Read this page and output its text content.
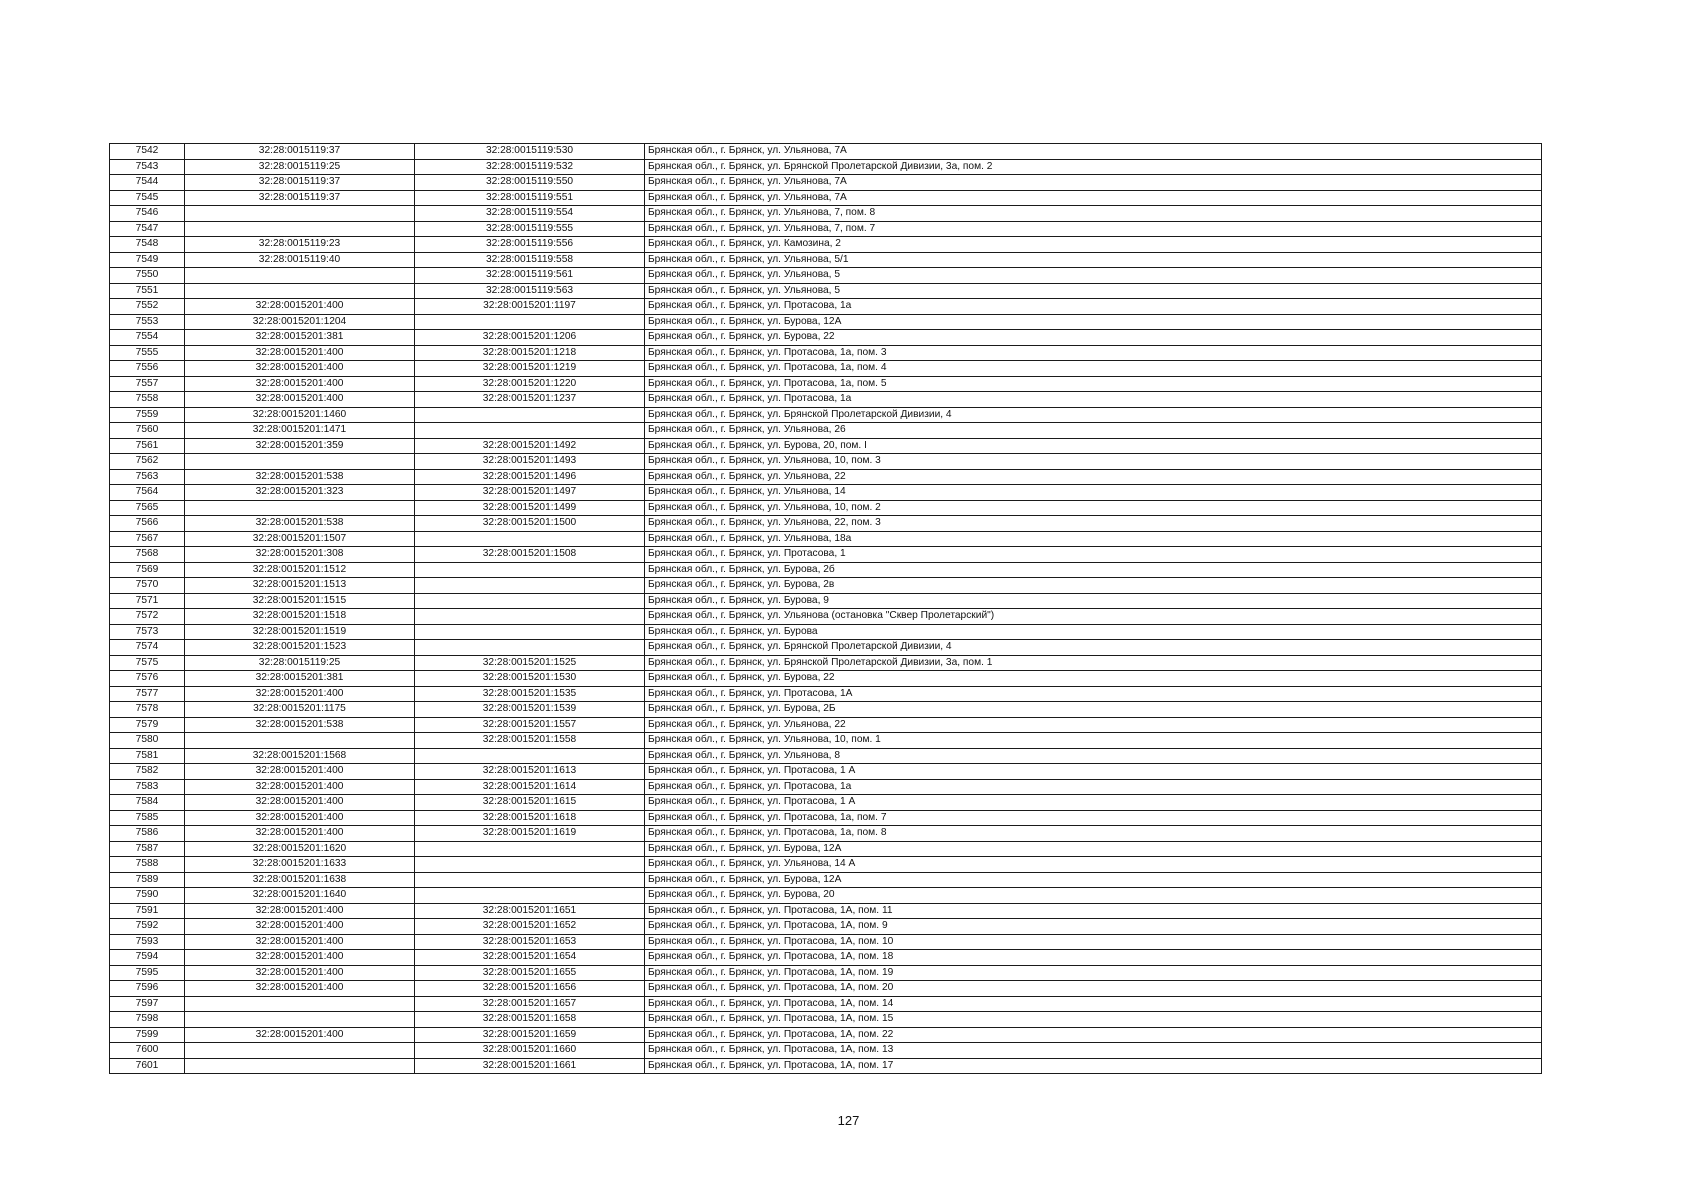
7542	32:28:0015119:37	32:28:0015119:530	Брянская обл., г. Брянск, ул. Ульянова, 7А
7543	32:28:0015119:25	32:28:0015119:532	Брянская обл., г. Брянск, ул. Брянской Пролетарской Дивизии, 3а, пом. 2
7544	32:28:0015119:37	32:28:0015119:550	Брянская обл., г. Брянск, ул. Ульянова, 7А
7545	32:28:0015119:37	32:28:0015119:551	Брянская обл., г. Брянск, ул. Ульянова, 7А
7546		32:28:0015119:554	Брянская обл., г. Брянск, ул. Ульянова, 7, пом. 8
7547		32:28:0015119:555	Брянская обл., г. Брянск, ул. Ульянова, 7, пом. 7
7548	32:28:0015119:23	32:28:0015119:556	Брянская обл., г. Брянск, ул. Камозина, 2
7549	32:28:0015119:40	32:28:0015119:558	Брянская обл., г. Брянск, ул. Ульянова, 5/1
7550		32:28:0015119:561	Брянская обл., г. Брянск, ул. Ульянова, 5
7551		32:28:0015119:563	Брянская обл., г. Брянск, ул. Ульянова, 5
7552	32:28:0015201:400	32:28:0015201:1197	Брянская обл., г. Брянск, ул. Протасова, 1а
7553	32:28:0015201:1204		Брянская обл., г. Брянск, ул. Бурова, 12А
7554	32:28:0015201:381	32:28:0015201:1206	Брянская обл., г. Брянск, ул. Бурова, 22
7555	32:28:0015201:400	32:28:0015201:1218	Брянская обл., г. Брянск, ул. Протасова, 1а, пом. 3
7556	32:28:0015201:400	32:28:0015201:1219	Брянская обл., г. Брянск, ул. Протасова, 1а, пом. 4
7557	32:28:0015201:400	32:28:0015201:1220	Брянская обл., г. Брянск, ул. Протасова, 1а, пом. 5
7558	32:28:0015201:400	32:28:0015201:1237	Брянская обл., г. Брянск, ул. Протасова, 1а
7559	32:28:0015201:1460		Брянская обл., г. Брянск, ул. Брянской Пролетарской Дивизии, 4
7560	32:28:0015201:1471		Брянская обл., г. Брянск, ул. Ульянова, 26
7561	32:28:0015201:359	32:28:0015201:1492	Брянская обл., г. Брянск, ул. Бурова, 20, пом. I
7562		32:28:0015201:1493	Брянская обл., г. Брянск, ул. Ульянова, 10, пом. 3
7563	32:28:0015201:538	32:28:0015201:1496	Брянская обл., г. Брянск, ул. Ульянова, 22
7564	32:28:0015201:323	32:28:0015201:1497	Брянская обл., г. Брянск, ул. Ульянова, 14
7565		32:28:0015201:1499	Брянская обл., г. Брянск, ул. Ульянова, 10, пом. 2
7566	32:28:0015201:538	32:28:0015201:1500	Брянская обл., г. Брянск, ул. Ульянова, 22, пом. 3
7567	32:28:0015201:1507		Брянская обл., г. Брянск, ул. Ульянова, 18а
7568	32:28:0015201:308	32:28:0015201:1508	Брянская обл., г. Брянск, ул. Протасова, 1
7569	32:28:0015201:1512		Брянская обл., г. Брянск, ул. Бурова, 2б
7570	32:28:0015201:1513		Брянская обл., г. Брянск, ул. Бурова, 2в
7571	32:28:0015201:1515		Брянская обл., г. Брянск, ул. Бурова, 9
7572	32:28:0015201:1518		Брянская обл., г. Брянск, ул. Ульянова (остановка "Сквер Пролетарский")
7573	32:28:0015201:1519		Брянская обл., г. Брянск, ул. Бурова
7574	32:28:0015201:1523		Брянская обл., г. Брянск, ул. Брянской Пролетарской Дивизии, 4
7575	32:28:0015119:25	32:28:0015201:1525	Брянская обл., г. Брянск, ул. Брянской Пролетарской Дивизии, 3а, пом. 1
7576	32:28:0015201:381	32:28:0015201:1530	Брянская обл., г. Брянск, ул. Бурова, 22
7577	32:28:0015201:400	32:28:0015201:1535	Брянская обл., г. Брянск, ул. Протасова, 1А
7578	32:28:0015201:1175	32:28:0015201:1539	Брянская обл., г. Брянск, ул. Бурова, 2Б
7579	32:28:0015201:538	32:28:0015201:1557	Брянская обл., г. Брянск, ул. Ульянова, 22
7580		32:28:0015201:1558	Брянская обл., г. Брянск, ул. Ульянова, 10, пом. 1
7581	32:28:0015201:1568		Брянская обл., г. Брянск, ул. Ульянова, 8
7582	32:28:0015201:400	32:28:0015201:1613	Брянская обл., г. Брянск, ул. Протасова, 1 А
7583	32:28:0015201:400	32:28:0015201:1614	Брянская обл., г. Брянск, ул. Протасова, 1а
7584	32:28:0015201:400	32:28:0015201:1615	Брянская обл., г. Брянск, ул. Протасова, 1 А
7585	32:28:0015201:400	32:28:0015201:1618	Брянская обл., г. Брянск, ул. Протасова, 1а, пом. 7
7586	32:28:0015201:400	32:28:0015201:1619	Брянская обл., г. Брянск, ул. Протасова, 1а, пом. 8
7587	32:28:0015201:1620		Брянская обл., г. Брянск, ул. Бурова, 12А
7588	32:28:0015201:1633		Брянская обл., г. Брянск, ул. Ульянова, 14 А
7589	32:28:0015201:1638		Брянская обл., г. Брянск, ул. Бурова, 12А
7590	32:28:0015201:1640		Брянская обл., г. Брянск, ул. Бурова, 20
7591	32:28:0015201:400	32:28:0015201:1651	Брянская обл., г. Брянск, ул. Протасова, 1А, пом. 11
7592	32:28:0015201:400	32:28:0015201:1652	Брянская обл., г. Брянск, ул. Протасова, 1А, пом. 9
7593	32:28:0015201:400	32:28:0015201:1653	Брянская обл., г. Брянск, ул. Протасова, 1А, пом. 10
7594	32:28:0015201:400	32:28:0015201:1654	Брянская обл., г. Брянск, ул. Протасова, 1А, пом. 18
7595	32:28:0015201:400	32:28:0015201:1655	Брянская обл., г. Брянск, ул. Протасова, 1А, пом. 19
7596	32:28:0015201:400	32:28:0015201:1656	Брянская обл., г. Брянск, ул. Протасова, 1А, пом. 20
7597		32:28:0015201:1657	Брянская обл., г. Брянск, ул. Протасова, 1А, пом. 14
7598		32:28:0015201:1658	Брянская обл., г. Брянск, ул. Протасова, 1А, пом. 15
7599	32:28:0015201:400	32:28:0015201:1659	Брянская обл., г. Брянск, ул. Протасова, 1А, пом. 22
7600		32:28:0015201:1660	Брянская обл., г. Брянск, ул. Протасова, 1А, пом. 13
7601		32:28:0015201:1661	Брянская обл., г. Брянск, ул. Протасова, 1А, пом. 17
127
